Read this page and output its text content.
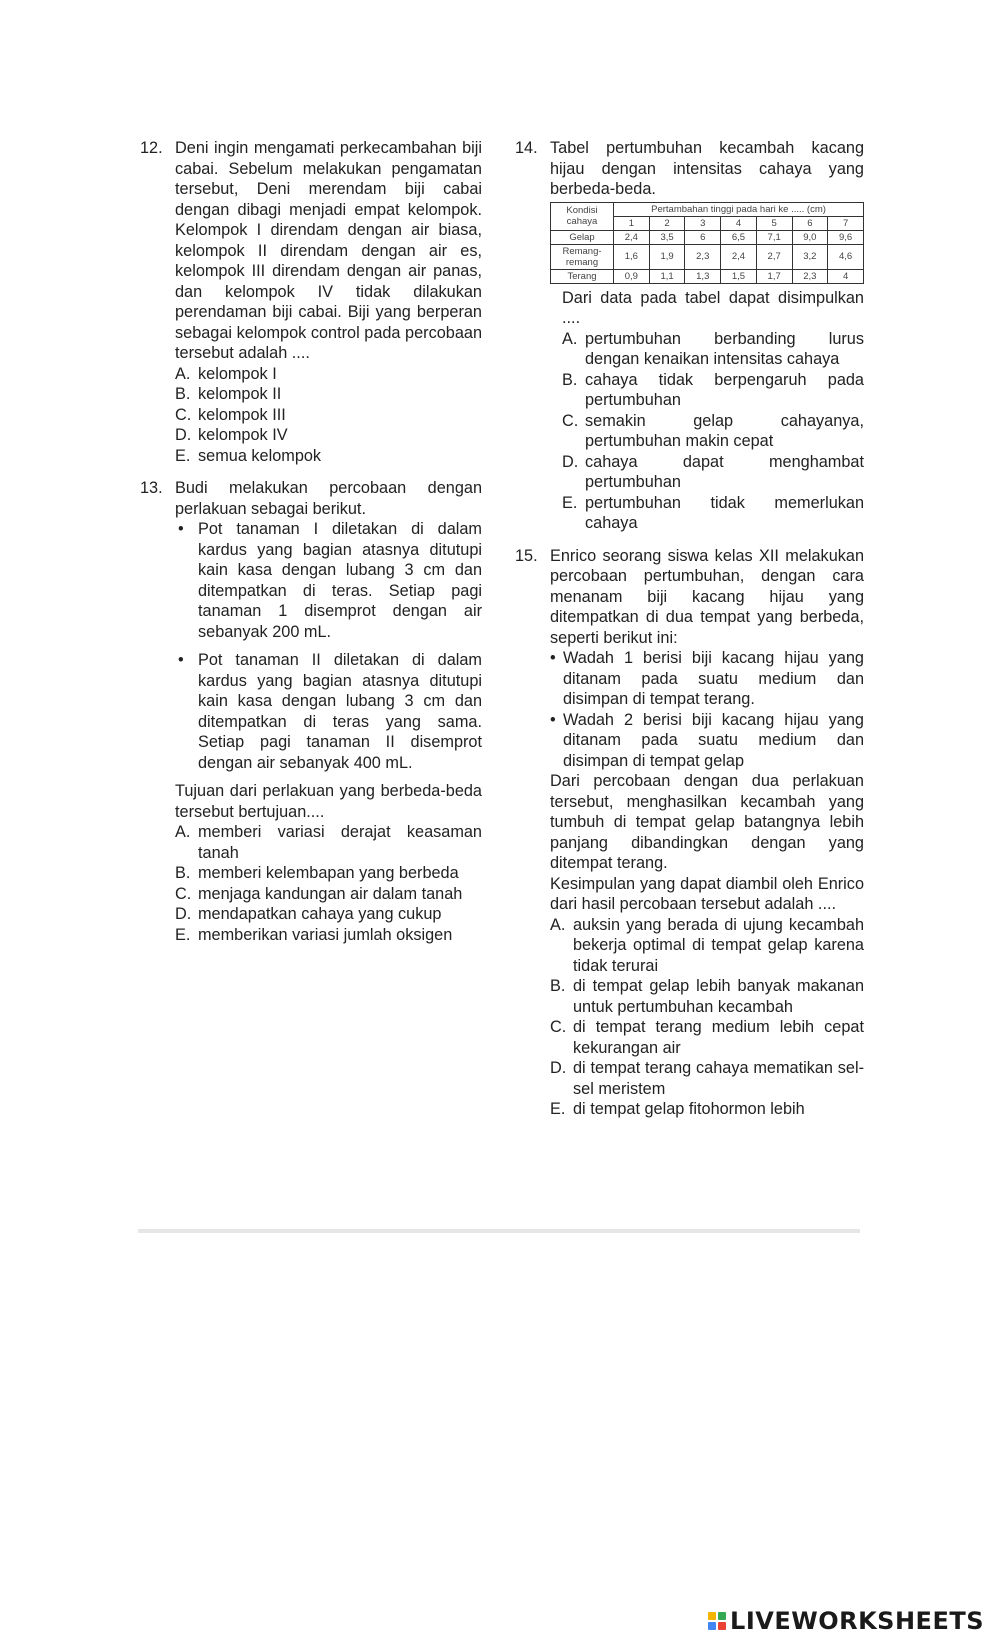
12. Deni ingin mengamati perkecambahan biji cabai. Sebelum melakukan pengamatan tersebut, Deni merendam biji cabai dengan dibagi menjadi empat kelompok. Kelompok I direndam dengan air biasa, kelompok II direndam dengan air es, kelompok III direndam dengan air panas, dan kelompok IV tidak dilakukan perendaman biji cabai. Biji yang berperan sebagai kelompok control pada percobaan tersebut adalah ....
A. kelompok I
B. kelompok II
C. kelompok III
D. kelompok IV
E. semua kelompok
13. Budi melakukan percobaan dengan perlakuan sebagai berikut.
• Pot tanaman I diletakan di dalam kardus yang bagian atasnya ditutupi kain kasa dengan lubang 3 cm dan ditempatkan di teras. Setiap pagi tanaman 1 disemprot dengan air sebanyak 200 mL.
• Pot tanaman II diletakan di dalam kardus yang bagian atasnya ditutupi kain kasa dengan lubang 3 cm dan ditempatkan di teras yang sama. Setiap pagi tanaman II disemprot dengan air sebanyak 400 mL.
Tujuan dari perlakuan yang berbeda-beda tersebut bertujuan....
A. memberi variasi derajat keasaman tanah
B. memberi kelembapan yang berbeda
C. menjaga kandungan air dalam tanah
D. mendapatkan cahaya yang cukup
E. memberikan variasi jumlah oksigen
14. Tabel pertumbuhan kecambah kacang hijau dengan intensitas cahaya yang berbeda-beda.
Kondisi cahaya	Pertambahan tinggi pada hari ke ..... (cm)						
	1	2	3	4	5	6	7
Gelap	2,4	3,5	6	6,5	7,1	9,0	9,6
Remang-remang	1,6	1,9	2,3	2,4	2,7	3,2	4,6
Terang	0,9	1,1	1,3	1,5	1,7	2,3	4
Dari data pada tabel dapat disimpulkan ....
A. pertumbuhan berbanding lurus dengan kenaikan intensitas cahaya
B. cahaya tidak berpengaruh pada pertumbuhan
C. semakin gelap cahayanya, pertumbuhan makin cepat
D. cahaya dapat menghambat pertumbuhan
E. pertumbuhan tidak memerlukan cahaya
15. Enrico seorang siswa kelas XII melakukan percobaan pertumbuhan, dengan cara menanam biji kacang hijau yang ditempatkan di dua tempat yang berbeda, seperti berikut ini:
• Wadah 1 berisi biji kacang hijau yang ditanam pada suatu medium dan disimpan di tempat terang.
• Wadah 2 berisi biji kacang hijau yang ditanam pada suatu medium dan disimpan di tempat gelap
Dari percobaan dengan dua perlakuan tersebut, menghasilkan kecambah yang tumbuh di tempat gelap batangnya lebih panjang dibandingkan dengan yang ditempat terang.
Kesimpulan yang dapat diambil oleh Enrico dari hasil percobaan tersebut adalah ....
A. auksin yang berada di ujung kecambah bekerja optimal di tempat gelap karena tidak terurai
B. di tempat gelap lebih banyak makanan untuk pertumbuhan kecambah
C. di tempat terang medium lebih cepat kekurangan air
D. di tempat terang cahaya mematikan sel-sel meristem
E. di tempat gelap fitohormon lebih
LIVEWORKSHEETS
